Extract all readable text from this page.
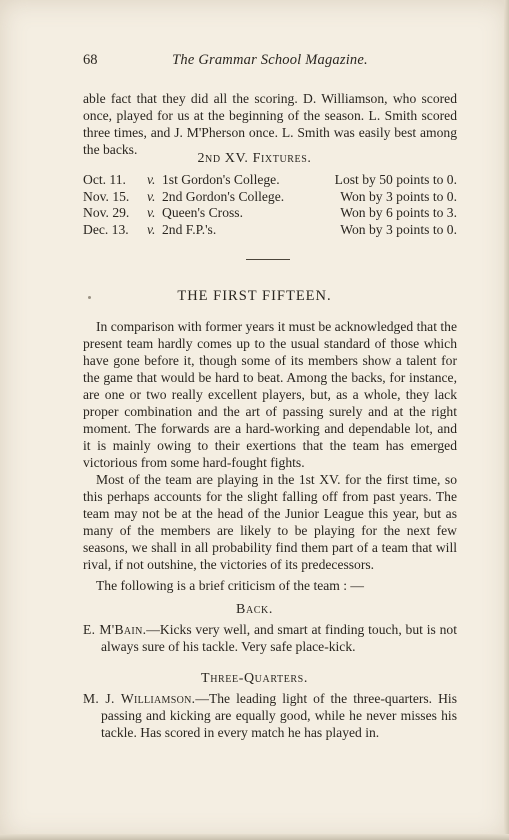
68	The Grammar School Magazine.

able fact that they did all the scoring. D. Williamson, who scored once, played for us at the beginning of the season. L. Smith scored three times, and J. M'Pherson once. L. Smith was easily best among the backs.

2nd XV. Fixtures.
Oct. 11. v. 1st Gordon's College.	Lost by 50 points to 0.
Nov. 15. v. 2nd Gordon's College.	Won by 3 points to 0.
Nov. 29. v. Queen's Cross.	Won by 6 points to 3.
Dec. 13. v. 2nd F.P.'s.	Won by 3 points to 0.
THE FIRST FIFTEEN.

In comparison with former years it must be acknowledged that the present team hardly comes up to the usual standard of those which have gone before it, though some of its members show a talent for the game that would be hard to beat. Among the backs, for instance, are one or two really excellent players, but, as a whole, they lack proper combination and the art of passing surely and at the right moment. The forwards are a hard-working and dependable lot, and it is mainly owing to their exertions that the team has emerged victorious from some hard-fought fights.

Most of the team are playing in the 1st XV. for the first time, so this perhaps accounts for the slight falling off from past years. The team may not be at the head of the Junior League this year, but as many of the members are likely to be playing for the next few seasons, we shall in all probability find them part of a team that will rival, if not outshine, the victories of its predecessors.

The following is a brief criticism of the team : —

Back.

E. M'Bain.—Kicks very well, and smart at finding touch, but is not always sure of his tackle. Very safe place-kick.

Three-Quarters.

M. J. Williamson.—The leading light of the three-quarters. His passing and kicking are equally good, while he never misses his tackle. Has scored in every match he has played in.
